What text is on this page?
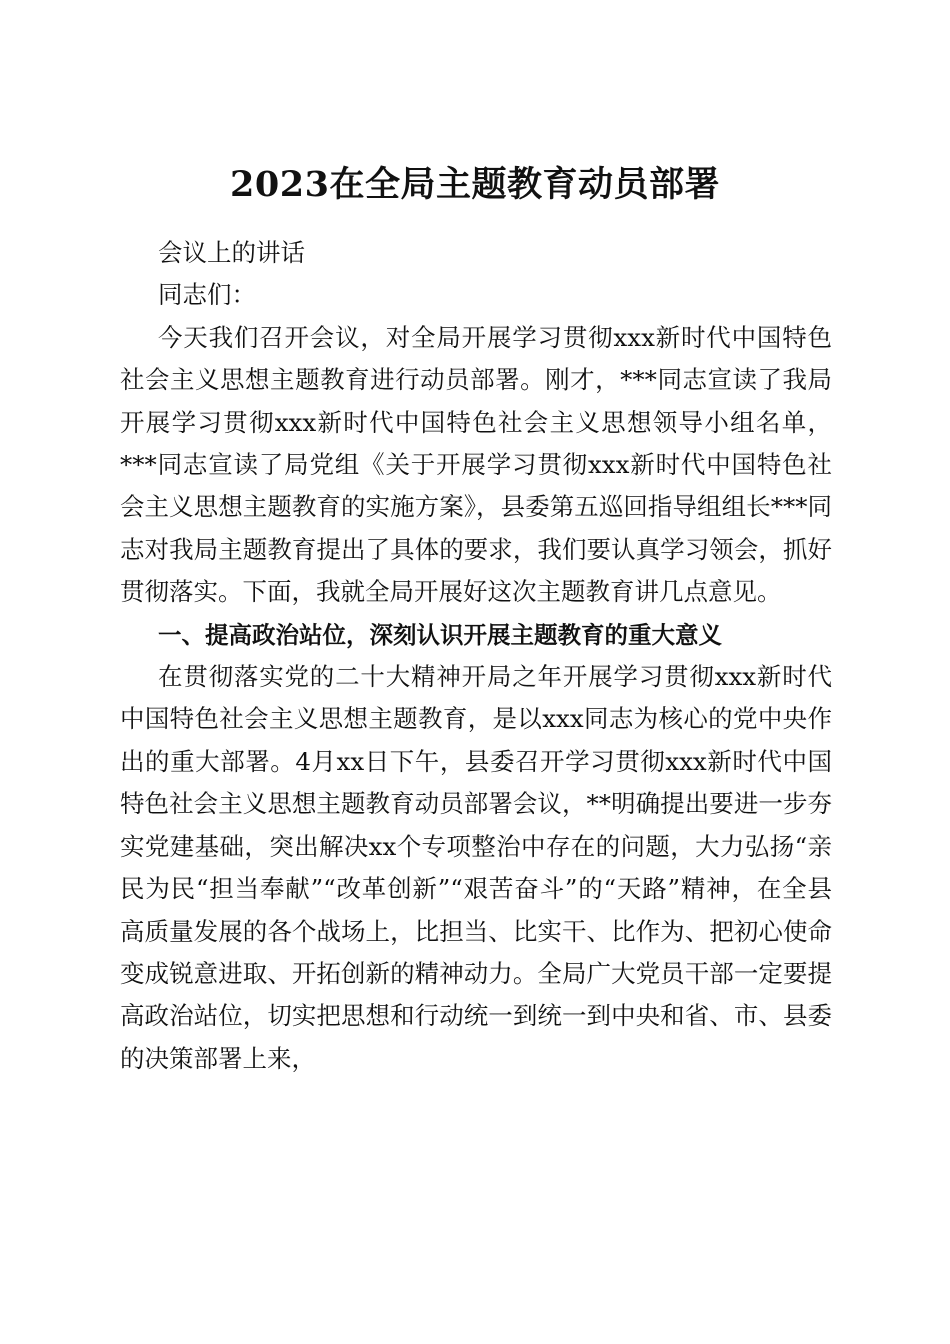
2023在全局主题教育动员部署

会议上的讲话

同志们：

今天我们召开会议，对全局开展学习贯彻xxx新时代中国特色社会主义思想主题教育进行动员部署。刚才，***同志宣读了我局开展学习贯彻xxx新时代中国特色社会主义思想领导小组名单，***同志宣读了局党组《关于开展学习贯彻xxx新时代中国特色社会主义思想主题教育的实施方案》，县委第五巡回指导组组长***同志对我局主题教育提出了具体的要求，我们要认真学习领会，抓好贯彻落实。下面，我就全局开展好这次主题教育讲几点意见。

一、提高政治站位，深刻认识开展主题教育的重大意义

在贯彻落实党的二十大精神开局之年开展学习贯彻xxx新时代中国特色社会主义思想主题教育，是以xxx同志为核心的党中央作出的重大部署。4月xx日下午，县委召开学习贯彻xxx新时代中国特色社会主义思想主题教育动员部署会议，**明确提出要进一步夯实党建基础，突出解决xx个专项整治中存在的问题，大力弘扬“亲民为民“担当奉献”“改革创新”“艰苦奋斗”的“天路”精神，在全县高质量发展的各个战场上，比担当、比实干、比作为、把初心使命变成锐意进取、开拓创新的精神动力。全局广大党员干部一定要提高政治站位，切实把思想和行动统一到统一到中央和省、市、县委的决策部署上来，
